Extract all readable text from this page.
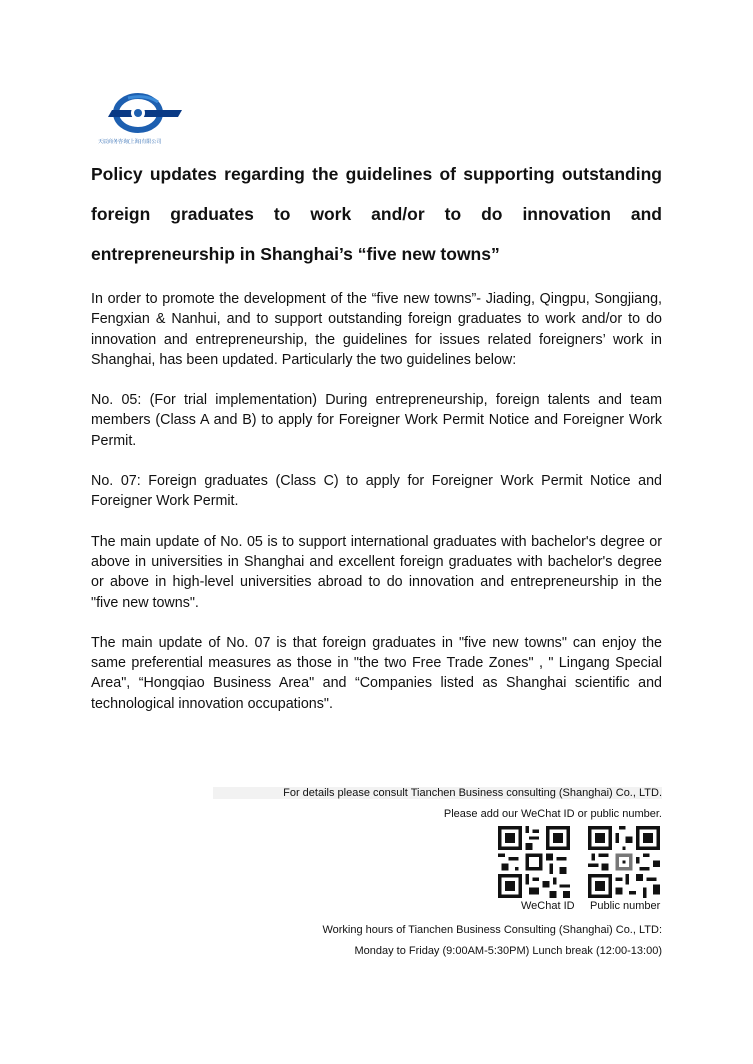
天辰商务咨询(上海)有限公司
Policy updates regarding the guidelines of supporting outstanding
foreign graduates to work and/or to do innovation and
entrepreneurship in Shanghai’s “five new towns”

In order to promote the development of the “five new towns”- Jiading, Qingpu, Songjiang, Fengxian & Nanhui, and to support outstanding foreign graduates to work and/or to do innovation and entrepreneurship, the guidelines for issues related foreigners’ work in Shanghai, has been updated. Particularly the two guidelines below:

No. 05: (For trial implementation) During entrepreneurship, foreign talents and team members (Class A and B) to apply for Foreigner Work Permit Notice and Foreigner Work Permit.

No. 07: Foreign graduates (Class C) to apply for Foreigner Work Permit Notice and Foreigner Work Permit.

The main update of No. 05 is to support international graduates with bachelor's degree or above in universities in Shanghai and excellent foreign graduates with bachelor's degree or above in high-level universities abroad to do innovation and entrepreneurship in the "five new towns".

The main update of No. 07 is that foreign graduates in "five new towns" can enjoy the same preferential measures as those in "the two Free Trade Zones" , " Lingang Special Area", “Hongqiao Business Area" and “Companies listed as Shanghai scientific and technological innovation occupations".

For details please consult Tianchen Business consulting (Shanghai) Co., LTD.
Please add our WeChat ID or public number.
WeChat ID Public number
Working hours of Tianchen Business Consulting (Shanghai) Co., LTD:
Monday to Friday (9:00AM-5:30PM) Lunch break (12:00-13:00)
